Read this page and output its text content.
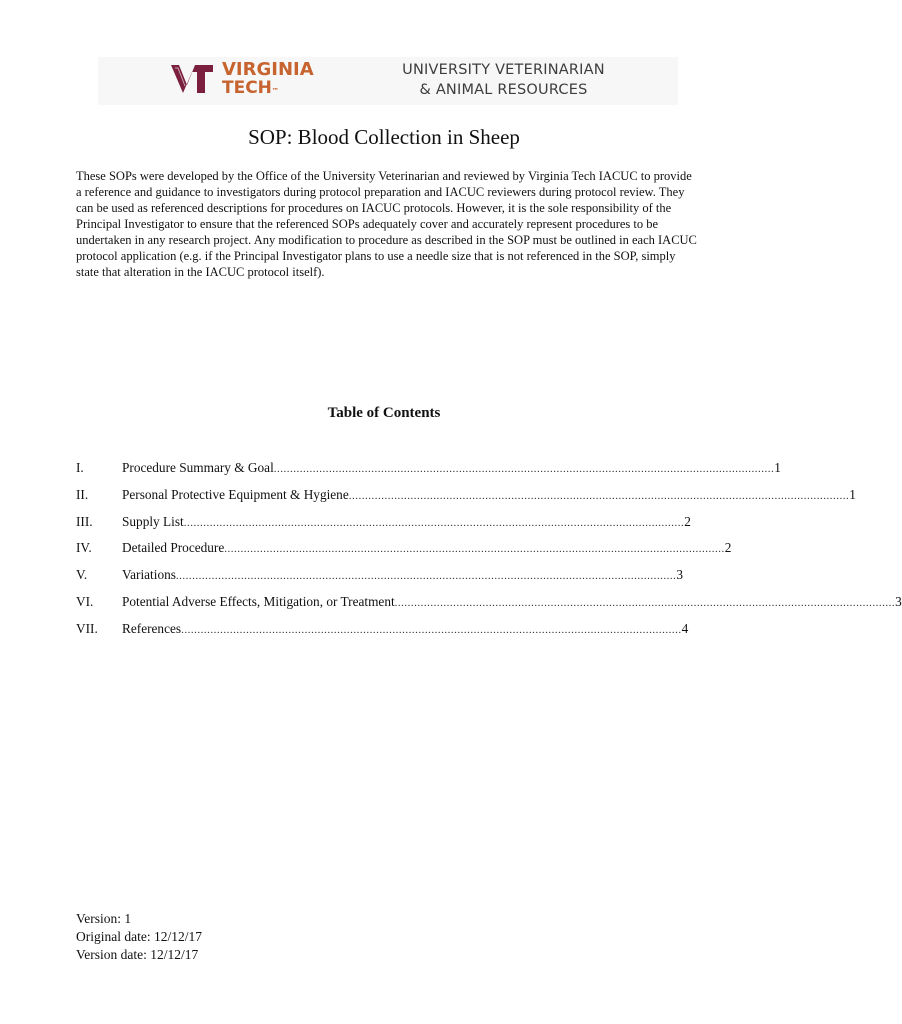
VIRGINIA
TECH™
UNIVERSITY VETERINARIAN
& ANIMAL RESOURCES
SOP: Blood Collection in Sheep

These SOPs were developed by the Office of the University Veterinarian and reviewed by Virginia Tech IACUC to provide a reference and guidance to investigators during protocol preparation and IACUC reviewers during protocol review. They can be used as referenced descriptions for procedures on IACUC protocols. However, it is the sole responsibility of the Principal Investigator to ensure that the referenced SOPs adequately cover and accurately represent procedures to be undertaken in any research project. Any modification to procedure as described in the SOP must be outlined in each IACUC protocol application (e.g. if the Principal Investigator plans to use a needle size that is not referenced in the SOP, simply state that alteration in the IACUC protocol itself).

Table of Contents
I.	Procedure Summary & Goal .......................................................................................................................................................... 1
II.	Personal Protective Equipment & Hygiene .......................................................................................................................................................... 1
III.	Supply List .......................................................................................................................................................... 2
IV.	Detailed Procedure .......................................................................................................................................................... 2
V.	Variations .......................................................................................................................................................... 3
VI.	Potential Adverse Effects, Mitigation, or Treatment .......................................................................................................................................................... 3
VII.	References .......................................................................................................................................................... 4
Version: 1
Original date: 12/12/17
Version date: 12/12/17
